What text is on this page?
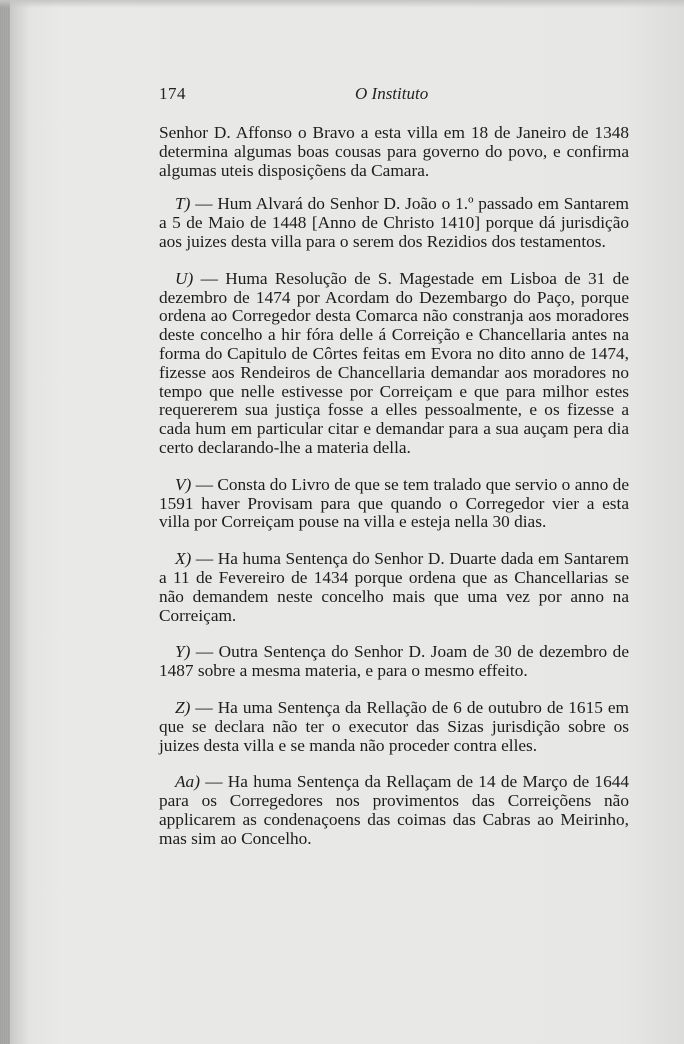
174	O Instituto

Senhor D. Affonso o Bravo a esta villa em 18 de Janeiro de 1348 determina algumas boas cousas para governo do povo, e confirma algumas uteis disposiçõens da Camara.

T) — Hum Alvará do Senhor D. João o 1.º passado em Santarem a 5 de Maio de 1448 [Anno de Christo 1410] porque dá jurisdição aos juizes desta villa para o serem dos Rezidios dos testamentos.

U) — Huma Resolução de S. Magestade em Lisboa de 31 de dezembro de 1474 por Acordam do Dezembargo do Paço, porque ordena ao Corregedor desta Comarca não constranja aos moradores deste concelho a hir fóra delle á Correição e Chancellaria antes na forma do Capitulo de Côrtes feitas em Evora no dito anno de 1474, fizesse aos Rendeiros de Chancellaria demandar aos moradores no tempo que nelle estivesse por Correiçam e que para milhor estes requererem sua justiça fosse a elles pessoalmente, e os fizesse a cada hum em particular citar e demandar para a sua auçam pera dia certo declarando-lhe a materia della.

V) — Consta do Livro de que se tem tralado que servio o anno de 1591 haver Provisam para que quando o Corregedor vier a esta villa por Correiçam pouse na villa e esteja nella 30 dias.

X) — Ha huma Sentença do Senhor D. Duarte dada em Santarem a 11 de Fevereiro de 1434 porque ordena que as Chancellarias se não demandem neste concelho mais que uma vez por anno na Correiçam.

Y) — Outra Sentença do Senhor D. Joam de 30 de dezembro de 1487 sobre a mesma materia, e para o mesmo effeito.

Z) — Ha uma Sentença da Rellação de 6 de outubro de 1615 em que se declara não ter o executor das Sizas jurisdição sobre os juizes desta villa e se manda não proceder contra elles.

Aa) — Ha huma Sentença da Rellaçam de 14 de Março de 1644 para os Corregedores nos provimentos das Correiçõens não applicarem as condenaçoens das coimas das Cabras ao Meirinho, mas sim ao Concelho.
